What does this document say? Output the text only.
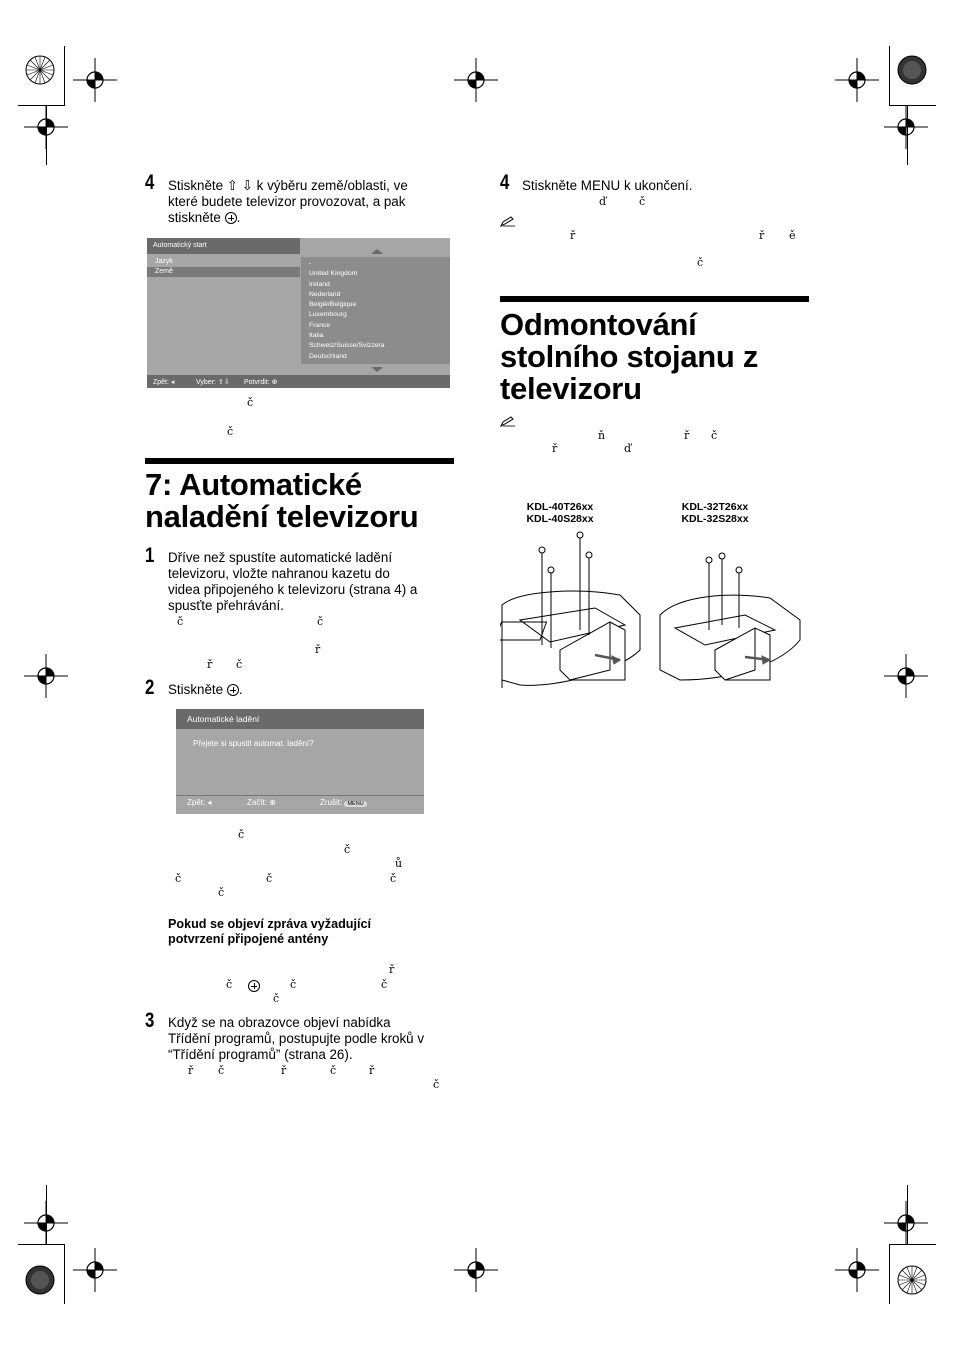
4 Stiskněte ⇧ ⇩ k výběru země/oblasti, ve
které budete televizor provozovat, a pak
stiskněte .
Automatický start
Jazyk
Země
-
United Kingdom
Ireland
Nederland
België/Belgique
Luxembourg
France
Italia
Schweiz/Suisse/Svizzera
Deutschland
Zpět: ◂	Vyber: ⇧⇩ Potvrdit: ⊕
č
č
7: Automatické
naladění televizoru
1 Dříve než spustíte automatické ladění
televizoru, vložte nahranou kazetu do
videa připojeného k televizoru (strana 4) a
spusťte přehrávání.
č	č
ř
ř č
2 Stiskněte .
Automatické ladění
Přejete si spustit automat. ladění?
Zpět: ◂	Začít: ⊕	Zrušit: MENU
č
č
ů
č	č	č
č
Pokud se objeví zpráva vyžadující
potvrzení připojené antény
ř
č	č	č
č
3 Když se na obrazovce objeví nabídka
Třídění programů, postupujte podle kroků v
“Třídění programů” (strana 26).
ř č	ř	č	ř
č
4 Stiskněte MENU k ukončení.
ď	č
ř	ř ě
č
Odmontování
stolního stojanu z
televizoru
ň	ř č
ř	ď
KDL-40T26xx
KDL-40S28xx
KDL-32T26xx
KDL-32S28xx
